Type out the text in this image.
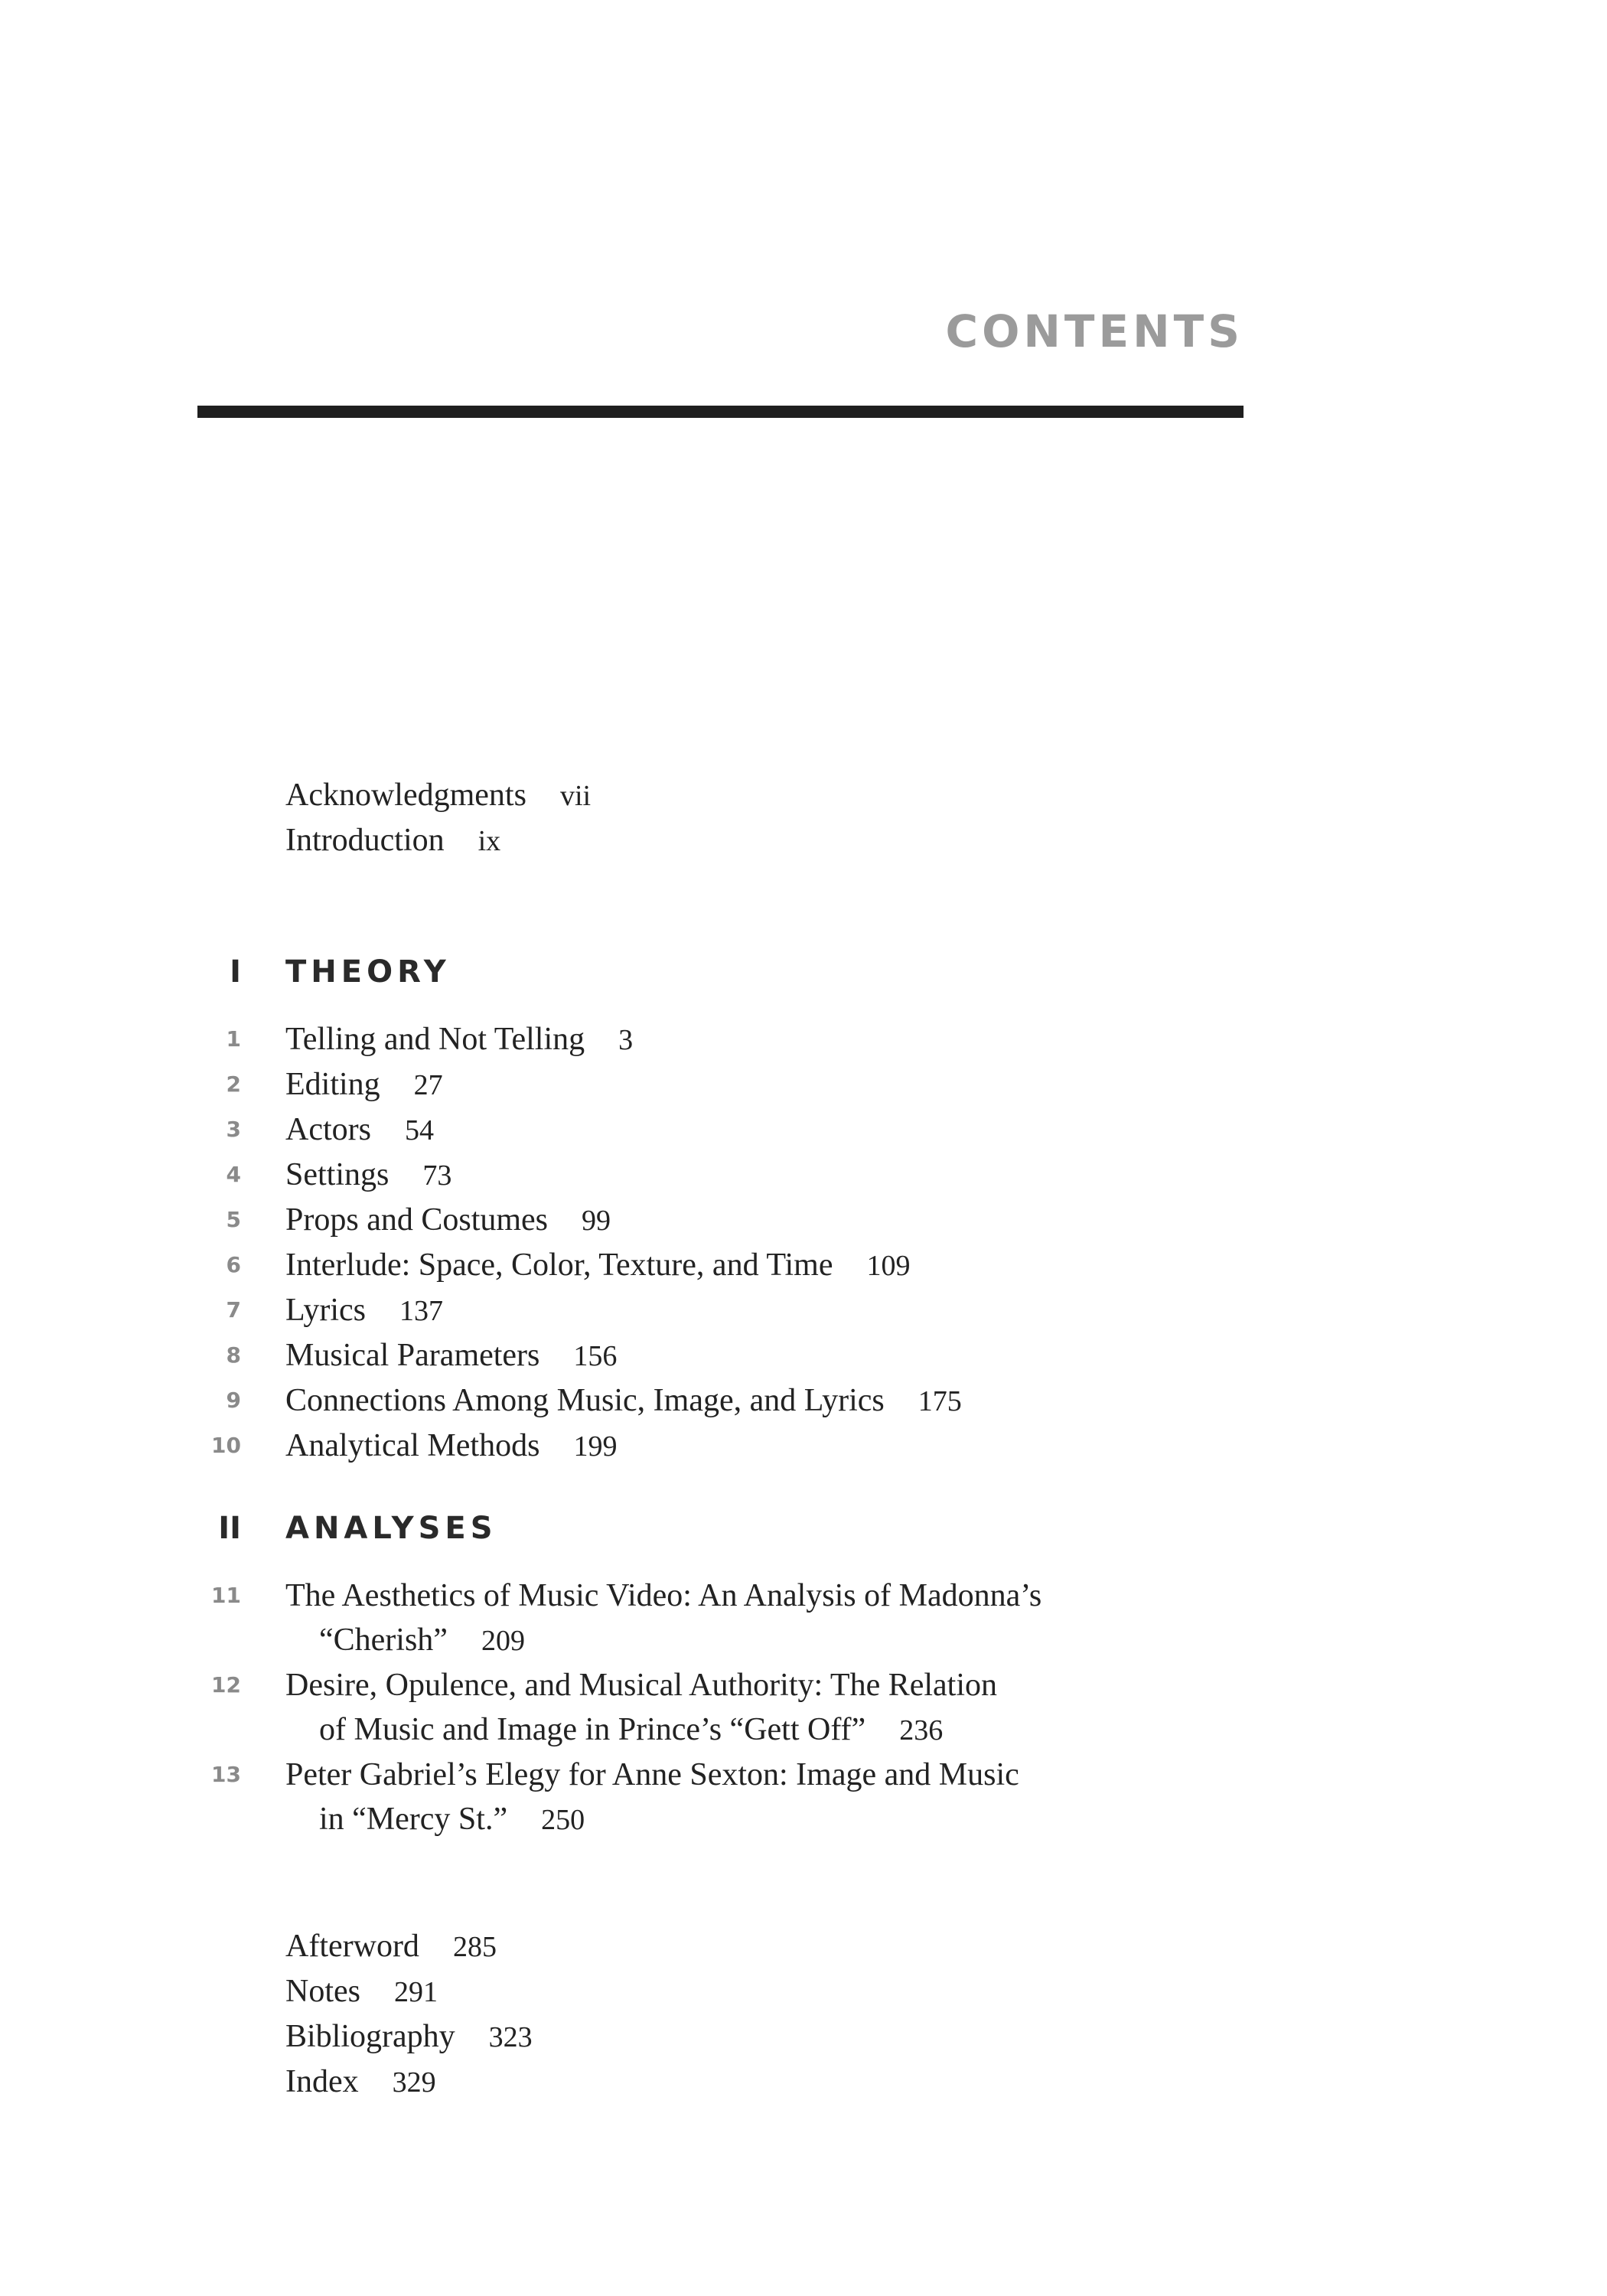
CONTENTS
Acknowledgments vii
Introduction ix
I THEORY
1 Telling and Not Telling 3
2 Editing 27
3 Actors 54
4 Settings 73
5 Props and Costumes 99
6 Interlude: Space, Color, Texture, and Time 109
7 Lyrics 137
8 Musical Parameters 156
9 Connections Among Music, Image, and Lyrics 175
10 Analytical Methods 199
II ANALYSES
11 The Aesthetics of Music Video: An Analysis of Madonna’s
“Cherish” 209
12 Desire, Opulence, and Musical Authority: The Relation
of Music and Image in Prince’s “Gett Off” 236
13 Peter Gabriel’s Elegy for Anne Sexton: Image and Music
in “Mercy St.” 250
Afterword 285
Notes 291
Bibliography 323
Index 329
